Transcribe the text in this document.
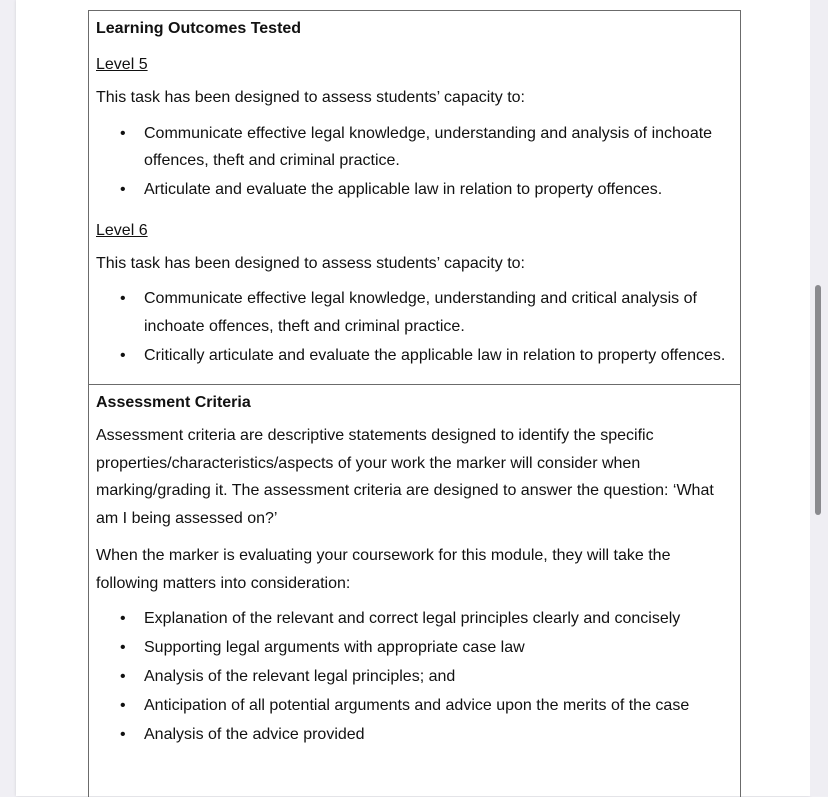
Learning Outcomes Tested
Level 5
This task has been designed to assess students’ capacity to:
• Communicate effective legal knowledge, understanding and analysis of inchoate offences, theft and criminal practice.
• Articulate and evaluate the applicable law in relation to property offences.
Level 6
This task has been designed to assess students’ capacity to:
• Communicate effective legal knowledge, understanding and critical analysis of inchoate offences, theft and criminal practice.
• Critically articulate and evaluate the applicable law in relation to property offences.
Assessment Criteria
Assessment criteria are descriptive statements designed to identify the specific properties/characteristics/aspects of your work the marker will consider when marking/grading it. The assessment criteria are designed to answer the question: ‘What am I being assessed on?’
When the marker is evaluating your coursework for this module, they will take the following matters into consideration:
• Explanation of the relevant and correct legal principles clearly and concisely
• Supporting legal arguments with appropriate case law
• Analysis of the relevant legal principles; and
• Anticipation of all potential arguments and advice upon the merits of the case
• Analysis of the advice provided
